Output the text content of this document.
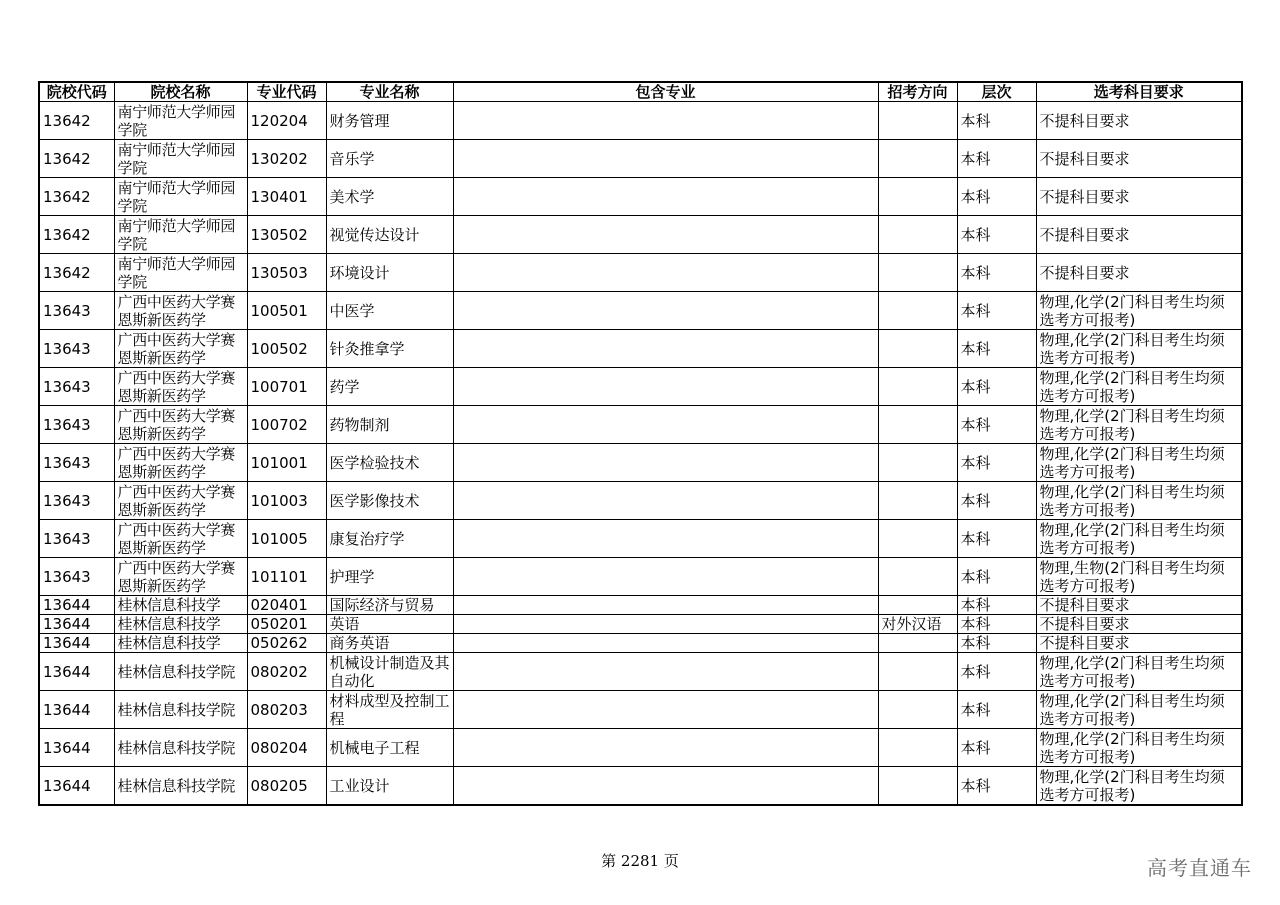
院校代码	院校名称	专业代码	专业名称	包含专业	招考方向	层次	选考科目要求
13642	南宁师范大学师园学院	120204	财务管理			本科	不提科目要求
13642	南宁师范大学师园学院	130202	音乐学			本科	不提科目要求
13642	南宁师范大学师园学院	130401	美术学			本科	不提科目要求
13642	南宁师范大学师园学院	130502	视觉传达设计			本科	不提科目要求
13642	南宁师范大学师园学院	130503	环境设计			本科	不提科目要求
13643	广西中医药大学赛恩斯新医药学	100501	中医学			本科	物理,化学(2门科目考生均须选考方可报考)
13643	广西中医药大学赛恩斯新医药学	100502	针灸推拿学			本科	物理,化学(2门科目考生均须选考方可报考)
13643	广西中医药大学赛恩斯新医药学	100701	药学			本科	物理,化学(2门科目考生均须选考方可报考)
13643	广西中医药大学赛恩斯新医药学	100702	药物制剂			本科	物理,化学(2门科目考生均须选考方可报考)
13643	广西中医药大学赛恩斯新医药学	101001	医学检验技术			本科	物理,化学(2门科目考生均须选考方可报考)
13643	广西中医药大学赛恩斯新医药学	101003	医学影像技术			本科	物理,化学(2门科目考生均须选考方可报考)
13643	广西中医药大学赛恩斯新医药学	101005	康复治疗学			本科	物理,化学(2门科目考生均须选考方可报考)
13643	广西中医药大学赛恩斯新医药学	101101	护理学			本科	物理,生物(2门科目考生均须选考方可报考)
13644	桂林信息科技学	020401	国际经济与贸易			本科	不提科目要求
13644	桂林信息科技学	050201	英语		对外汉语	本科	不提科目要求
13644	桂林信息科技学	050262	商务英语			本科	不提科目要求
13644	桂林信息科技学院	080202	机械设计制造及其自动化			本科	物理,化学(2门科目考生均须选考方可报考)
13644	桂林信息科技学院	080203	材料成型及控制工程			本科	物理,化学(2门科目考生均须选考方可报考)
13644	桂林信息科技学院	080204	机械电子工程			本科	物理,化学(2门科目考生均须选考方可报考)
13644	桂林信息科技学院	080205	工业设计			本科	物理,化学(2门科目考生均须选考方可报考)
第 2281 页	高考直通车
